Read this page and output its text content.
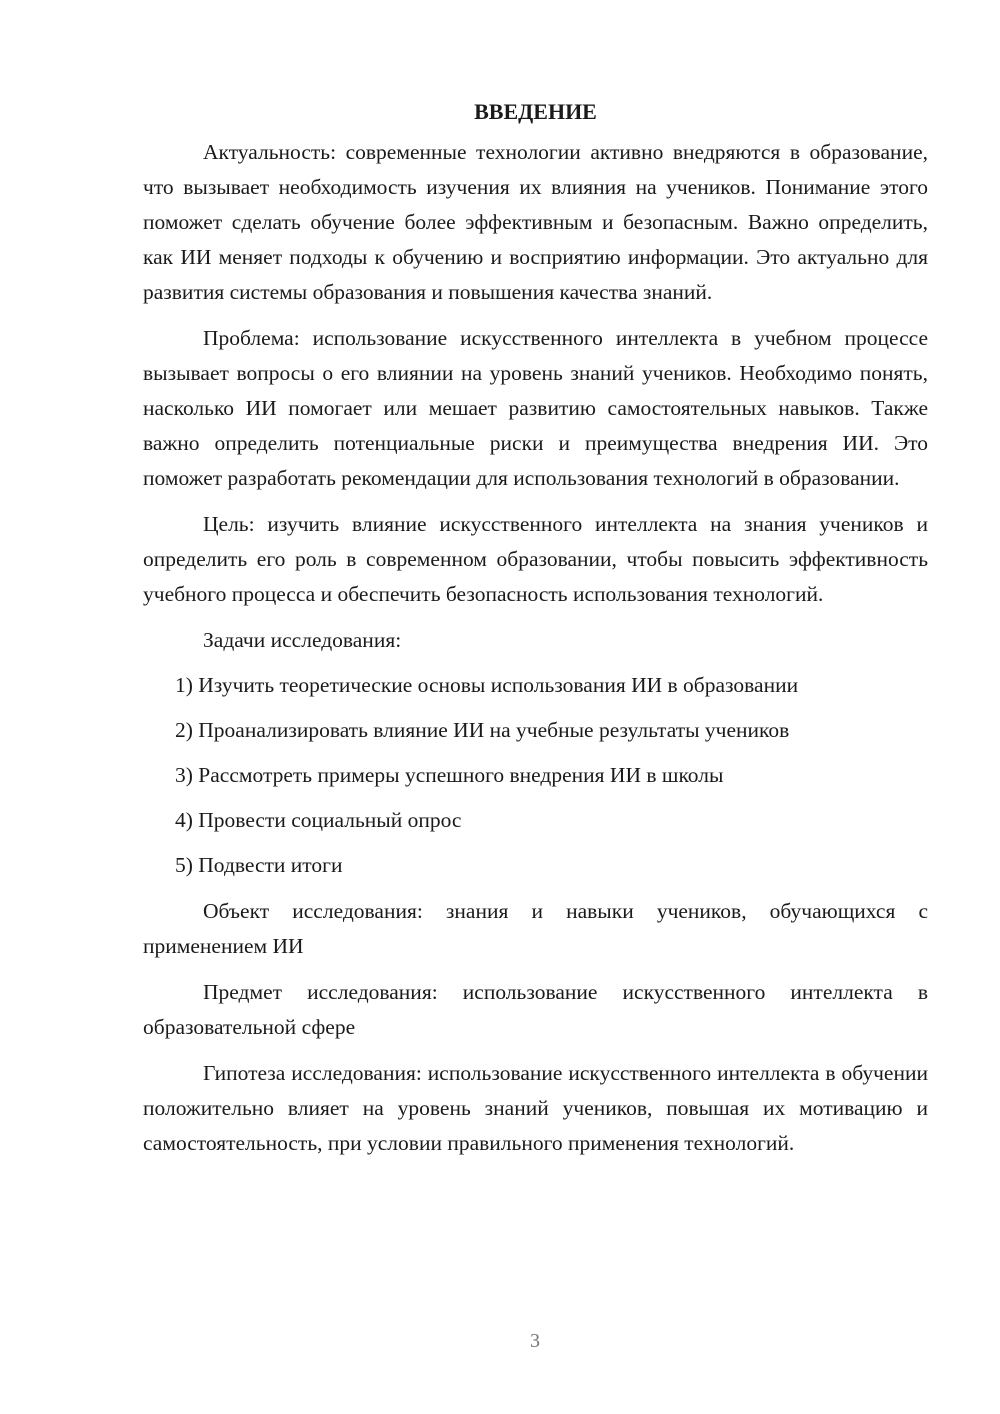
ВВЕДЕНИЕ

Актуальность: современные технологии активно внедряются в образование, что вызывает необходимость изучения их влияния на учеников. Понимание этого поможет сделать обучение более эффективным и безопасным. Важно определить, как ИИ меняет подходы к обучению и восприятию информации. Это актуально для развития системы образования и повышения качества знаний.

Проблема: использование искусственного интеллекта в учебном процессе вызывает вопросы о его влиянии на уровень знаний учеников. Необходимо понять, насколько ИИ помогает или мешает развитию самостоятельных навыков. Также важно определить потенциальные риски и преимущества внедрения ИИ. Это поможет разработать рекомендации для использования технологий в образовании.

Цель: изучить влияние искусственного интеллекта на знания учеников и определить его роль в современном образовании, чтобы повысить эффективность учебного процесса и обеспечить безопасность использования технологий.

Задачи исследования:

1) Изучить теоретические основы использования ИИ в образовании

2) Проанализировать влияние ИИ на учебные результаты учеников

3) Рассмотреть примеры успешного внедрения ИИ в школы

4) Провести социальный опрос

5) Подвести итоги

Объект исследования: знания и навыки учеников, обучающихся с применением ИИ

Предмет исследования: использование искусственного интеллекта в образовательной сфере

Гипотеза исследования: использование искусственного интеллекта в обучении положительно влияет на уровень знаний учеников, повышая их мотивацию и самостоятельность, при условии правильного применения технологий.

3
